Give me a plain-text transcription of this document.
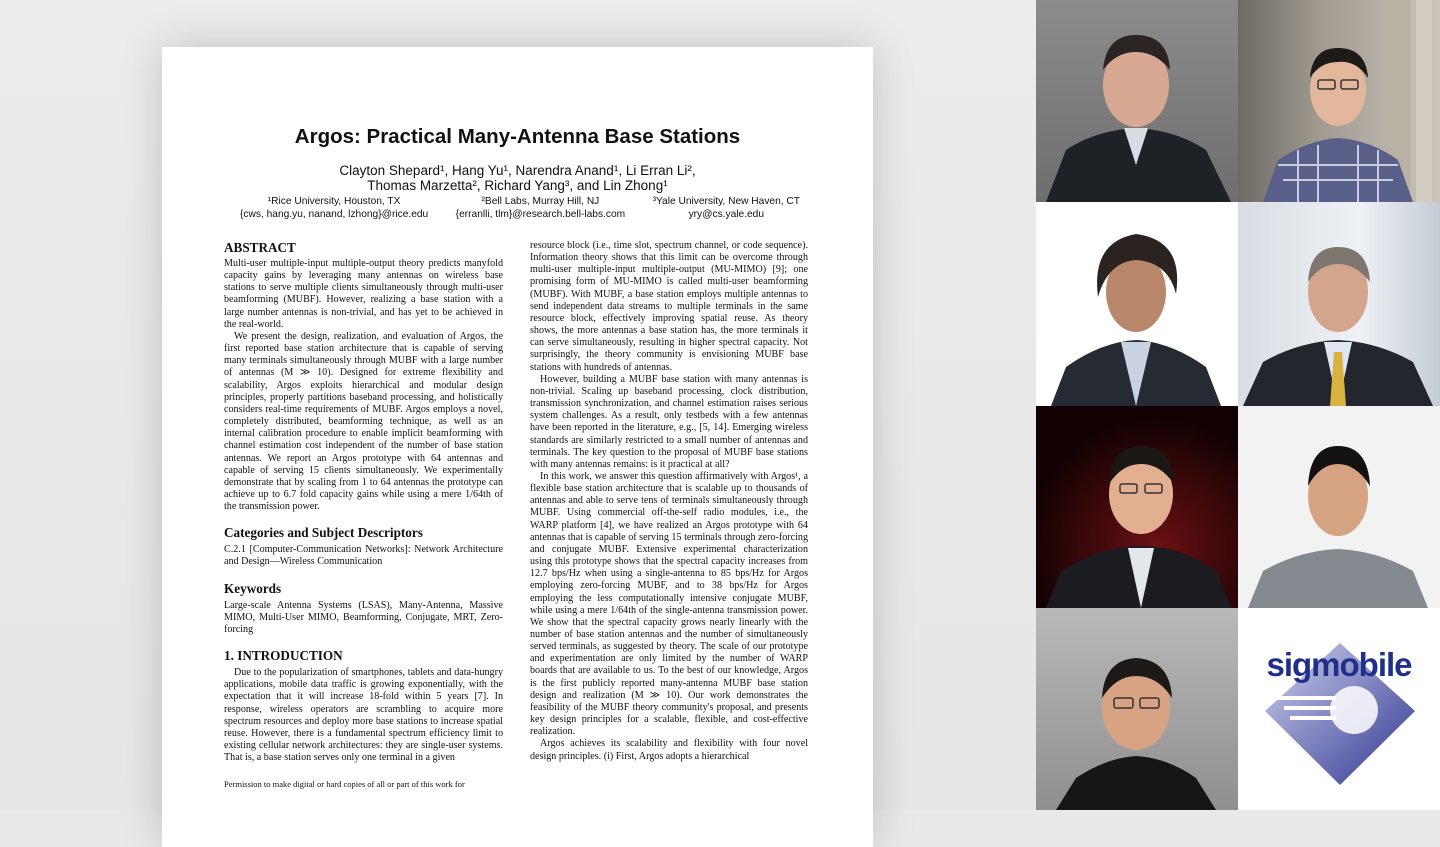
Argos: Practical Many-Antenna Base Stations
Clayton Shepard¹, Hang Yu¹, Narendra Anand¹, Li Erran Li²,
Thomas Marzetta², Richard Yang³, and Lin Zhong¹
¹Rice University, Houston, TX
{cws, hang.yu, nanand, lzhong}@rice.edu
²Bell Labs, Murray Hill, NJ
{erranlli, tlm}@research.bell-labs.com
³Yale University, New Haven, CT
yry@cs.yale.edu
ABSTRACT

Multi-user multiple-input multiple-output theory predicts manyfold capacity gains by leveraging many antennas on wireless base stations to serve multiple clients simultaneously through multi-user beamforming (MUBF). However, realizing a base station with a large number antennas is non-trivial, and has yet to be achieved in the real-world.

We present the design, realization, and evaluation of Argos, the first reported base station architecture that is capable of serving many terminals simultaneously through MUBF with a large number of antennas (M ≫ 10). Designed for extreme flexibility and scalability, Argos exploits hierarchical and modular design principles, properly partitions baseband processing, and holistically considers real-time requirements of MUBF. Argos employs a novel, completely distributed, beamforming technique, as well as an internal calibration procedure to enable implicit beamforming with channel estimation cost independent of the number of base station antennas. We report an Argos prototype with 64 antennas and capable of serving 15 clients simultaneously. We experimentally demonstrate that by scaling from 1 to 64 antennas the prototype can achieve up to 6.7 fold capacity gains while using a mere 1/64th of the transmission power.

Categories and Subject Descriptors

C.2.1 [Computer-Communication Networks]: Network Architecture and Design—Wireless Communication

Keywords

Large-scale Antenna Systems (LSAS), Many-Antenna, Massive MIMO, Multi-User MIMO, Beamforming, Conjugate, MRT, Zero-forcing

1. INTRODUCTION

Due to the popularization of smartphones, tablets and data-hungry applications, mobile data traffic is growing exponentially, with the expectation that it will increase 18-fold within 5 years [7]. In response, wireless operators are scrambling to acquire more spectrum resources and deploy more base stations to increase spatial reuse. However, there is a fundamental spectrum efficiency limit to existing cellular network architectures: they are single-user systems. That is, a base station serves only one terminal in a given

Permission to make digital or hard copies of all or part of this work for

resource block (i.e., time slot, spectrum channel, or code sequence). Information theory shows that this limit can be overcome through multi-user multiple-input multiple-output (MU-MIMO) [9]; one promising form of MU-MIMO is called multi-user beamforming (MUBF). With MUBF, a base station employs multiple antennas to send independent data streams to multiple terminals in the same resource block, effectively improving spatial reuse. As theory shows, the more antennas a base station has, the more terminals it can serve simultaneously, resulting in higher spectral capacity. Not surprisingly, the theory community is envisioning MUBF base stations with hundreds of antennas.

However, building a MUBF base station with many antennas is non-trivial. Scaling up baseband processing, clock distribution, transmission synchronization, and channel estimation raises serious system challenges. As a result, only testbeds with a few antennas have been reported in the literature, e.g., [5, 14]. Emerging wireless standards are similarly restricted to a small number of antennas and terminals. The key question to the proposal of MUBF base stations with many antennas remains: is it practical at all?

In this work, we answer this question affirmatively with Argos¹, a flexible base station architecture that is scalable up to thousands of antennas and able to serve tens of terminals simultaneously through MUBF. Using commercial off-the-self radio modules, i.e., the WARP platform [4], we have realized an Argos prototype with 64 antennas that is capable of serving 15 terminals through zero-forcing and conjugate MUBF. Extensive experimental characterization using this prototype shows that the spectral capacity increases from 12.7 bps/Hz when using a single-antenna to 85 bps/Hz for Argos employing zero-forcing MUBF, and to 38 bps/Hz for Argos employing the less computationally intensive conjugate MUBF, while using a mere 1/64th of the single-antenna transmission power. We show that the spectral capacity grows nearly linearly with the number of base station antennas and the number of simultaneously served terminals, as suggested by theory. The scale of our prototype and experimentation are only limited by the number of WARP boards that are available to us. To the best of our knowledge, Argos is the first publicly reported many-antenna MUBF base station design and realization (M ≫ 10). Our work demonstrates the feasibility of the MUBF theory community's proposal, and presents key design principles for a scalable, flexible, and cost-effective realization.

Argos achieves its scalability and flexibility with four novel design principles. (i) First, Argos adopts a hierarchical

sigmobile
